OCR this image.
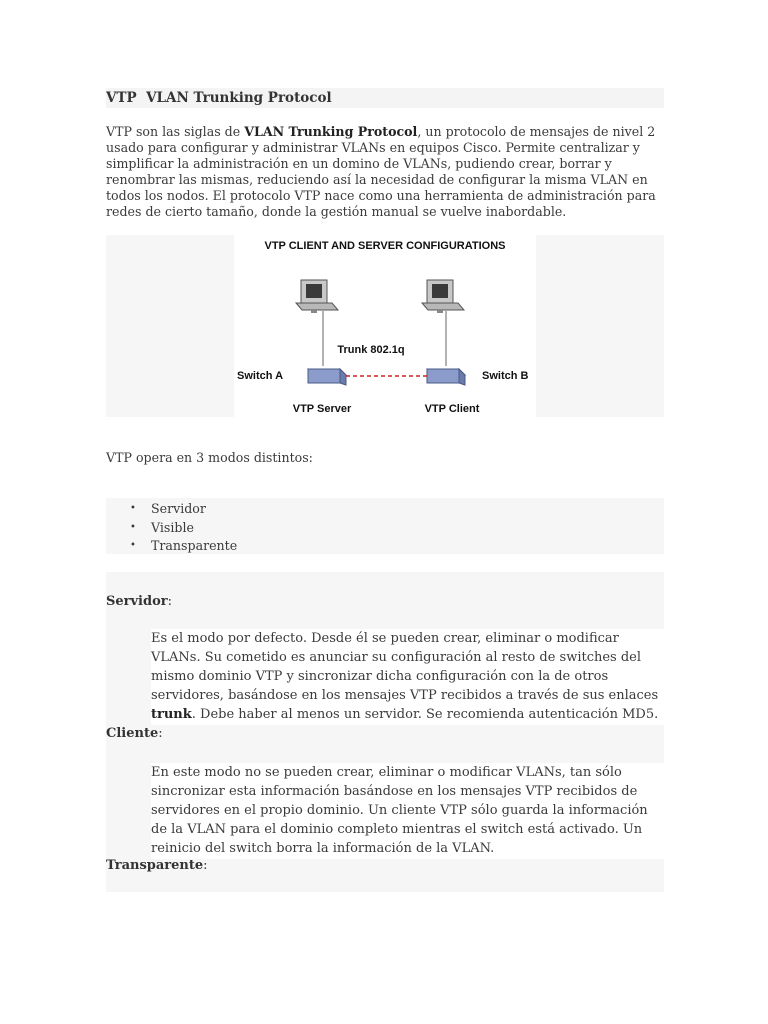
VTP  VLAN Trunking Protocol
VTP son las siglas de VLAN Trunking Protocol, un protocolo de mensajes de nivel 2 usado para configurar y administrar VLANs en equipos Cisco. Permite centralizar y simplificar la administración en un domino de VLANs, pudiendo crear, borrar y renombrar las mismas, reduciendo así la necesidad de configurar la misma VLAN en todos los nodos. El protocolo VTP nace como una herramienta de administración para redes de cierto tamaño, donde la gestión manual se vuelve inabordable.
VTP CLIENT AND SERVER CONFIGURATIONS
Trunk 802.1q
Switch A	Switch B
VTP Server	VTP Client
VTP opera en 3 modos distintos:
• Servidor
• Visible
• Transparente
Servidor:
Es el modo por defecto. Desde él se pueden crear, eliminar o modificar VLANs. Su cometido es anunciar su configuración al resto de switches del mismo dominio VTP y sincronizar dicha configuración con la de otros servidores, basándose en los mensajes VTP recibidos a través de sus enlaces trunk. Debe haber al menos un servidor. Se recomienda autenticación MD5.
Cliente:
En este modo no se pueden crear, eliminar o modificar VLANs, tan sólo sincronizar esta información basándose en los mensajes VTP recibidos de servidores en el propio dominio. Un cliente VTP sólo guarda la información de la VLAN para el dominio completo mientras el switch está activado. Un reinicio del switch borra la información de la VLAN.
Transparente:
